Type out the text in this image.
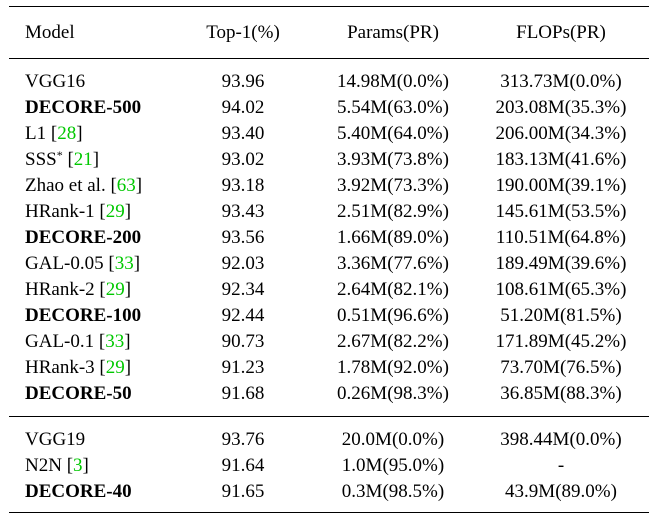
Model	Top-1(%)	Params(PR)	FLOPs(PR)
VGG16	93.96	14.98M(0.0%)	313.73M(0.0%)
DECORE-500	94.02	5.54M(63.0%)	203.08M(35.3%)
L1 [28]	93.40	5.40M(64.0%)	206.00M(34.3%)
SSS* [21]	93.02	3.93M(73.8%)	183.13M(41.6%)
Zhao et al. [63]	93.18	3.92M(73.3%)	190.00M(39.1%)
HRank-1 [29]	93.43	2.51M(82.9%)	145.61M(53.5%)
DECORE-200	93.56	1.66M(89.0%)	110.51M(64.8%)
GAL-0.05 [33]	92.03	3.36M(77.6%)	189.49M(39.6%)
HRank-2 [29]	92.34	2.64M(82.1%)	108.61M(65.3%)
DECORE-100	92.44	0.51M(96.6%)	51.20M(81.5%)
GAL-0.1 [33]	90.73	2.67M(82.2%)	171.89M(45.2%)
HRank-3 [29]	91.23	1.78M(92.0%)	73.70M(76.5%)
DECORE-50	91.68	0.26M(98.3%)	36.85M(88.3%)
VGG19	93.76	20.0M(0.0%)	398.44M(0.0%)
N2N [3]	91.64	1.0M(95.0%)	-
DECORE-40	91.65	0.3M(98.5%)	43.9M(89.0%)
